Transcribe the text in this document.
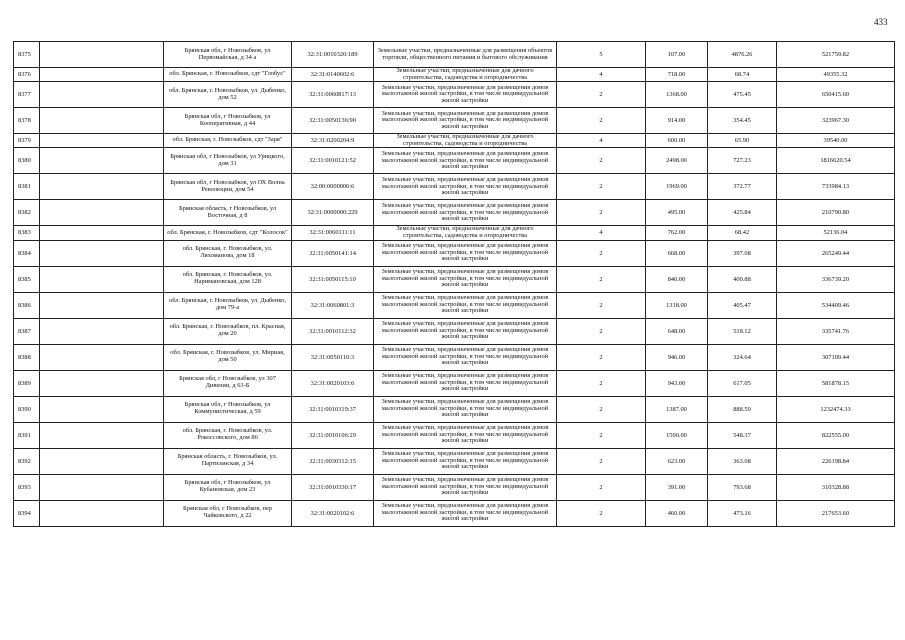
433
8375		Брянская обл, г Новозыбков, ул Первомайская, д 34 а	32:31:0010320:189	Земельные участки, предназначенные для размещения объектов торговли, общественного питания и бытового обслуживания	5	107.00	4876.26	521759.82
8376		обл. Брянская, г. Новозыбков, сдт "Глобус"	32:31:0140602:6	Земельные участки, предназначенные для дачного строительства, садоводства и огородничества	4	718.00	68.74	49355.32
8377		обл. Брянская, г. Новозыбков, ул. Дыбенко, дом 52	32:31:0060817:13	Земельные участки, предназначенные для размещения домов малоэтажной жилой застройки, в том числе индивидуальной жилой застройки	2	1368.00	475.45	650415.60
8378		Брянская обл, г Новозыбков, ул Кооперативная, д 44	32:31:0050136:90	Земельные участки, предназначенные для размещения домов малоэтажной жилой застройки, в том числе индивидуальной жилой застройки	2	914.00	354.45	323967.30
8379		обл. Брянская, г. Новозыбков, сдт "Заря"	32:31:0200204:9	Земельные участки, предназначенные для дачного строительства, садоводства и огородничества	4	600.00	65.90	39540.00
8380		Брянская обл, г Новозыбков, ул Урицкого, дом 31	32:31:0010121:52	Земельные участки, предназначенные для размещения домов малоэтажной жилой застройки, в том числе индивидуальной жилой застройки	2	2498.00	727.23	1816620.54
8381		Брянская обл, г Новозыбков, ул ОХ Волна Революции, дом 54	32:00:0000000:6	Земельные участки, предназначенные для размещения домов малоэтажной жилой застройки, в том числе индивидуальной жилой застройки	2	1969.00	372.77	733984.13
8382		Брянская область, г Новозыбков, ул Восточная, д 8	32:31:0000000:229	Земельные участки, предназначенные для размещения домов малоэтажной жилой застройки, в том числе индивидуальной жилой застройки	2	495.00	425.84	210790.80
8383		обл. Брянская, г. Новозыбков, сдт "Колосок"	32:31:0060111:11	Земельные участки, предназначенные для дачного строительства, садоводства и огородничества	4	762.00	68.42	52136.04
8384		обл. Брянская, г. Новозыбков, ул. Ляхоманова, дом 18	32:31:0050141:14	Земельные участки, предназначенные для размещения домов малоэтажной жилой застройки, в том числе индивидуальной жилой застройки	2	668.00	397.08	265249.44
8385		обл. Брянская, г. Новозыбков, ул. Наримановская, дом 128	32:31:0050115:10	Земельные участки, предназначенные для размещения домов малоэтажной жилой застройки, в том числе индивидуальной жилой застройки	2	840.00	400.88	336739.20
8386		обл. Брянская, г. Новозыбков, ул. Дыбенко, дом 79-а	32:31:0060801:3	Земельные участки, предназначенные для размещения домов малоэтажной жилой застройки, в том числе индивидуальной жилой застройки	2	1318.00	405.47	534409.46
8387		обл. Брянская, г. Новозыбков, пл. Красная, дом 20	32:31:0010112:32	Земельные участки, предназначенные для размещения домов малоэтажной жилой застройки, в том числе индивидуальной жилой застройки	2	648.00	518.12	335741.76
8388		обл. Брянская, г. Новозыбков, ул. Мирная, дом 50	32:31:0050110:3	Земельные участки, предназначенные для размещения домов малоэтажной жилой застройки, в том числе индивидуальной жилой застройки	2	946.00	324.64	307109.44
8389		Брянская обл, г Новозыбков, ул 307 Дивизии, д 63-Б	32:31:0020103:6	Земельные участки, предназначенные для размещения домов малоэтажной жилой застройки, в том числе индивидуальной жилой застройки	2	943.00	617.05	581878.15
8390		Брянская обл, г Новозыбков, ул Коммунистическая, д 59	32:31:0010319:37	Земельные участки, предназначенные для размещения домов малоэтажной жилой застройки, в том числе индивидуальной жилой застройки	2	1387.00	888.59	1232474.33
8391		обл. Брянская, г. Новозыбков, ул. Рокоссовского, дом 86	32:31:0010106:29	Земельные участки, предназначенные для размещения домов малоэтажной жилой застройки, в том числе индивидуальной жилой застройки	2	1500.00	548.37	822555.00
8392		Брянская область, г. Новозыбков, ул. Партизанская, д 34	32:31:0030312:15	Земельные участки, предназначенные для размещения домов малоэтажной жилой застройки, в том числе индивидуальной жилой застройки	2	623.00	363.08	226198.84
8393		Брянская обл, г Новозыбков, ул Кубановская, дом 23	32:31:0010330:17	Земельные участки, предназначенные для размещения домов малоэтажной жилой застройки, в том числе индивидуальной жилой застройки	2	391.00	793.68	310328.88
8394		Брянская обл, г Новозыбков, пер Чайковского, д 22	32:31:0020102:6	Земельные участки, предназначенные для размещения домов малоэтажной жилой застройки, в том числе индивидуальной жилой застройки	2	460.00	473.16	217653.60
